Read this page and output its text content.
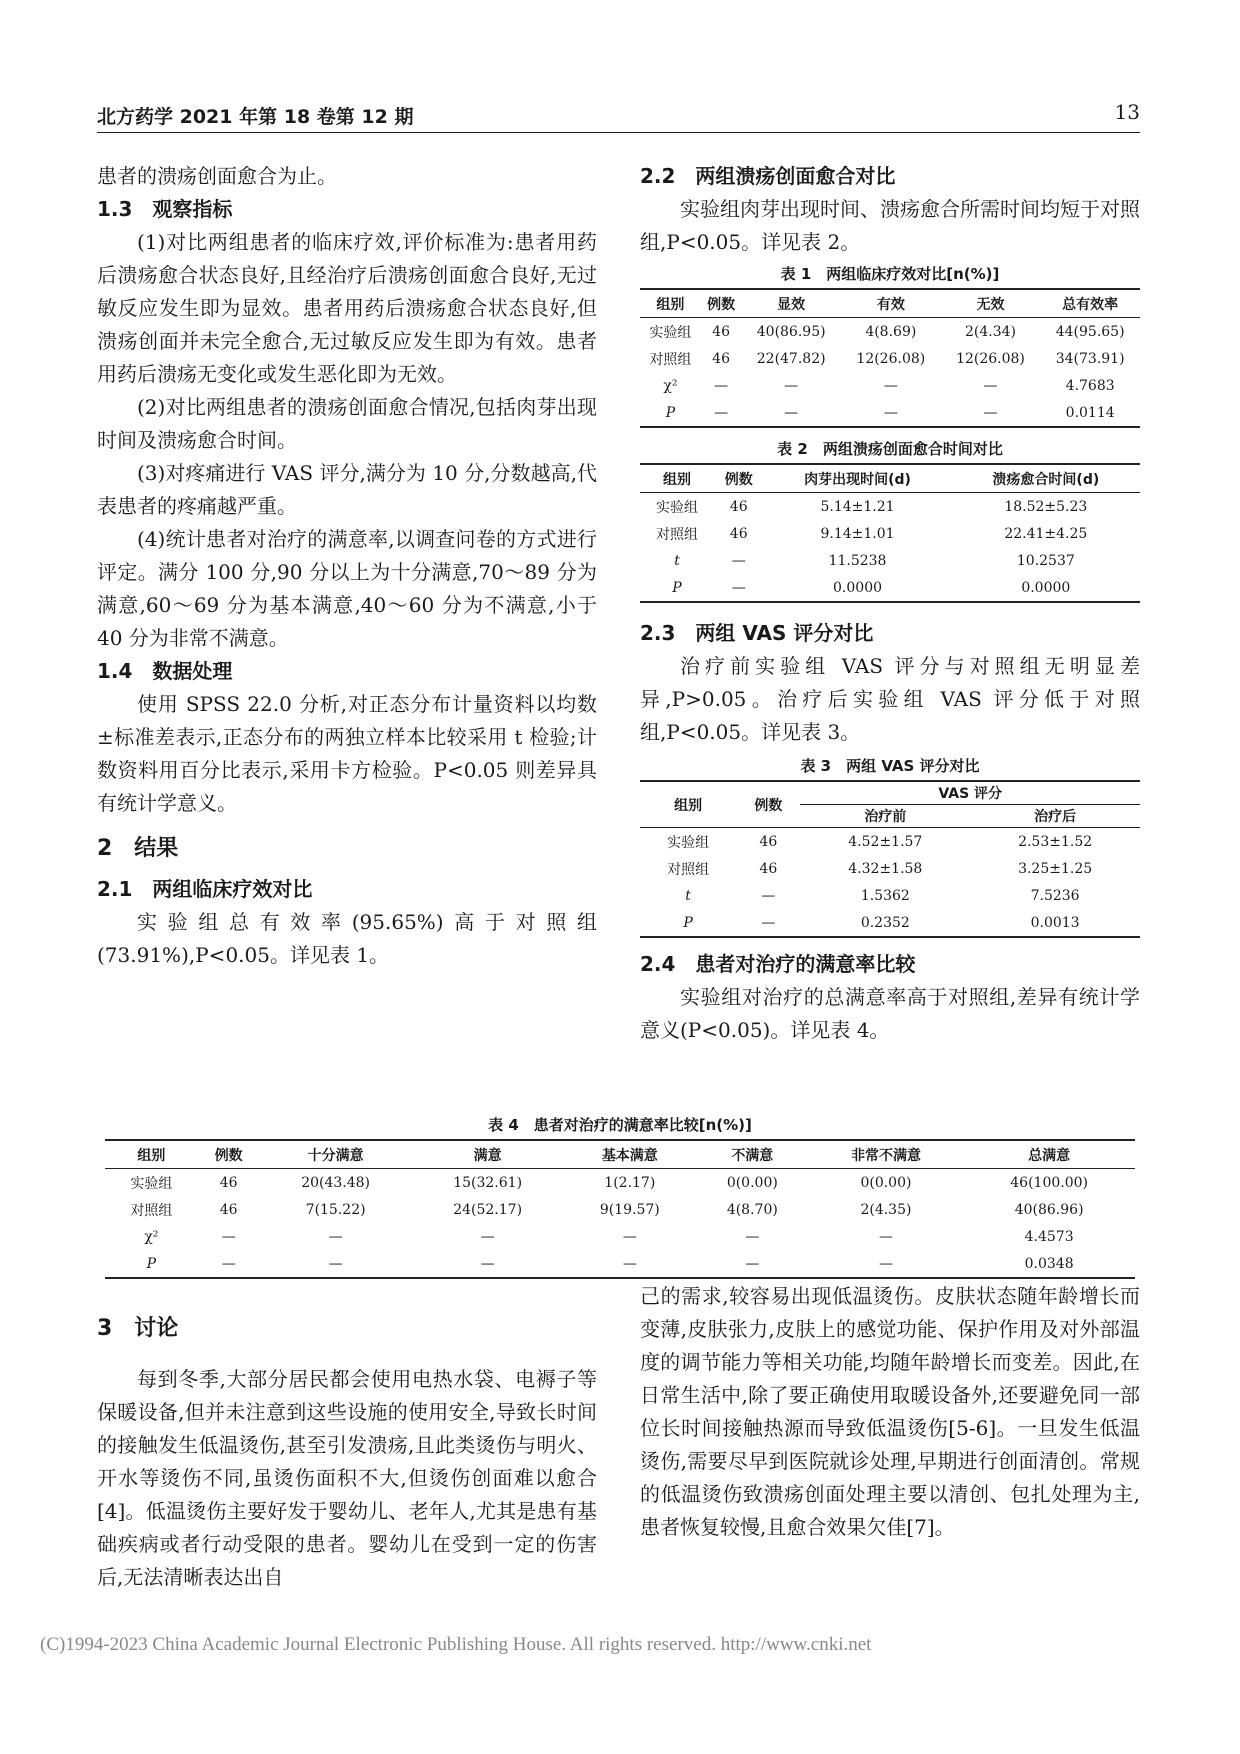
北方药学 2021 年第 18 卷第 12 期	13

患者的溃疡创面愈合为止。

1.3　观察指标

(1)对比两组患者的临床疗效,评价标准为:患者用药后溃疡愈合状态良好,且经治疗后溃疡创面愈合良好,无过敏反应发生即为显效。患者用药后溃疡愈合状态良好,但溃疡创面并未完全愈合,无过敏反应发生即为有效。患者用药后溃疡无变化或发生恶化即为无效。

(2)对比两组患者的溃疡创面愈合情况,包括肉芽出现时间及溃疡愈合时间。

(3)对疼痛进行 VAS 评分,满分为 10 分,分数越高,代表患者的疼痛越严重。

(4)统计患者对治疗的满意率,以调查问卷的方式进行评定。满分 100 分,90 分以上为十分满意,70～89 分为满意,60～69 分为基本满意,40～60 分为不满意,小于 40 分为非常不满意。

1.4　数据处理

使用 SPSS 22.0 分析,对正态分布计量资料以均数±标准差表示,正态分布的两独立样本比较采用 t 检验;计数资料用百分比表示,采用卡方检验。P<0.05 则差异具有统计学意义。

2　结果
2.1　两组临床疗效对比

实验组总有效率(95.65%)高于对照组(73.91%),P<0.05。详见表 1。

2.2　两组溃疡创面愈合对比

实验组肉芽出现时间、溃疡愈合所需时间均短于对照组,P<0.05。详见表 2。

表 1　两组临床疗效对比[n(%)]
组别	例数	显效	有效	无效	总有效率
实验组	46	40(86.95)	4(8.69)	2(4.34)	44(95.65)
对照组	46	22(47.82)	12(26.08)	12(26.08)	34(73.91)
χ²	—	—	—	—	4.7683
P	—	—	—	—	0.0114
表 2　两组溃疡创面愈合时间对比
组别	例数	肉芽出现时间(d)	溃疡愈合时间(d)
实验组	46	5.14±1.21	18.52±5.23
对照组	46	9.14±1.01	22.41±4.25
t	—	11.5238	10.2537
P	—	0.0000	0.0000
2.3　两组 VAS 评分对比

治疗前实验组 VAS 评分与对照组无明显差异,P>0.05。治疗后实验组 VAS 评分低于对照组,P<0.05。详见表 3。

表 3　两组 VAS 评分对比
组别	例数	VAS 评分	
		治疗前	治疗后
实验组	46	4.52±1.57	2.53±1.52
对照组	46	4.32±1.58	3.25±1.25
t	—	1.5362	7.5236
P	—	0.2352	0.0013
2.4　患者对治疗的满意率比较

实验组对治疗的总满意率高于对照组,差异有统计学意义(P<0.05)。详见表 4。

表 4　患者对治疗的满意率比较[n(%)]
组别	例数	十分满意	满意	基本满意	不满意	非常不满意	总满意
实验组	46	20(43.48)	15(32.61)	1(2.17)	0(0.00)	0(0.00)	46(100.00)
对照组	46	7(15.22)	24(52.17)	9(19.57)	4(8.70)	2(4.35)	40(86.96)
χ²	—	—	—	—	—	—	4.4573
P	—	—	—	—	—	—	0.0348
3　讨论

每到冬季,大部分居民都会使用电热水袋、电褥子等保暖设备,但并未注意到这些设施的使用安全,导致长时间的接触发生低温烫伤,甚至引发溃疡,且此类烫伤与明火、开水等烫伤不同,虽烫伤面积不大,但烫伤创面难以愈合[4]。低温烫伤主要好发于婴幼儿、老年人,尤其是患有基础疾病或者行动受限的患者。婴幼儿在受到一定的伤害后,无法清晰表达出自

己的需求,较容易出现低温烫伤。皮肤状态随年龄增长而变薄,皮肤张力,皮肤上的感觉功能、保护作用及对外部温度的调节能力等相关功能,均随年龄增长而变差。因此,在日常生活中,除了要正确使用取暖设备外,还要避免同一部位长时间接触热源而导致低温烫伤[5-6]。一旦发生低温烫伤,需要尽早到医院就诊处理,早期进行创面清创。常规的低温烫伤致溃疡创面处理主要以清创、包扎处理为主,患者恢复较慢,且愈合效果欠佳[7]。

(C)1994-2023 China Academic Journal Electronic Publishing House. All rights reserved. http://www.cnki.net
